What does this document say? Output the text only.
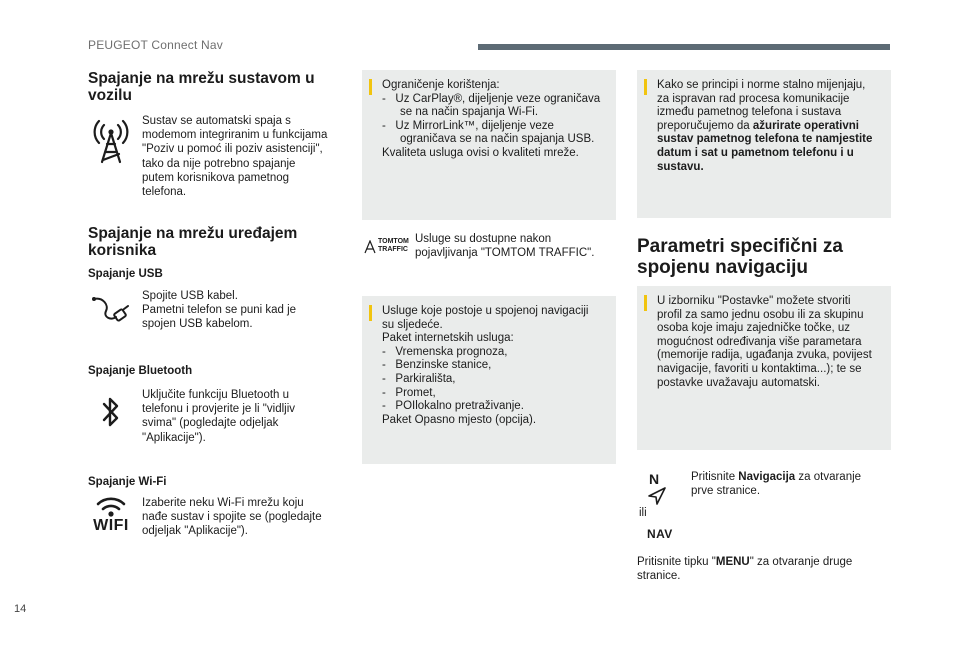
PEUGEOT Connect Nav
Spajanje na mrežu sustavom u
vozilu
Sustav se automatski spaja s
modemom integriranim u funkcijama
"Poziv u pomoć ili poziv asistenciji",
tako da nije potrebno spajanje
putem korisnikova pametnog
telefona.
Spajanje na mrežu uređajem
korisnika
Spajanje USB
Spojite USB kabel.
Pametni telefon se puni kad je
spojen USB kabelom.
Spajanje Bluetooth
Uključite funkciju Bluetooth u
telefonu i provjerite je li "vidljiv
svima" (pogledajte odjeljak
"Aplikacije").
Spajanje Wi-Fi
WIFI
Izaberite neku Wi-Fi mrežu koju
nađe sustav i spojite se (pogledajte
odjeljak "Aplikacije").
Ograničenje korištenja:
-   Uz CarPlay®, dijeljenje veze ograničava se na način spajanja Wi-Fi.
-   Uz MirrorLink™, dijeljenje veze ograničava se na način spajanja USB.
Kvaliteta usluga ovisi o kvaliteti mreže.
TOMTOM
TRAFFIC
Usluge su dostupne nakon
pojavljivanja "TOMTOM TRAFFIC".
Usluge koje postoje u spojenoj navigaciji
su sljedeće.
Paket internetskih usluga:
-   Vremenska prognoza,
-   Benzinske stanice,
-   Parkirališta,
-   Promet,
-   POIlokalno pretraživanje.
Paket Opasno mjesto (opcija).
Kako se principi i norme stalno mijenjaju,
za ispravan rad procesa komunikacije
između pametnog telefona i sustava
preporučujemo da ažurirate operativni
sustav pametnog telefona te namjestite
datum i sat u pametnom telefonu i u
sustavu.
Parametri specifični za
spojenu navigaciju
U izborniku "Postavke" možete stvoriti
profil za samo jednu osobu ili za skupinu
osoba koje imaju zajedničke točke, uz
mogućnost određivanja više parametara
(memorije radija, ugađanja zvuka, povijest
navigacije, favoriti u kontaktima...); te se
postavke uvažavaju automatski.
N
ili
NAV
Pritisnite Navigacija za otvaranje
prve stranice.
Pritisnite tipku "MENU" za otvaranje druge
stranice.
14
